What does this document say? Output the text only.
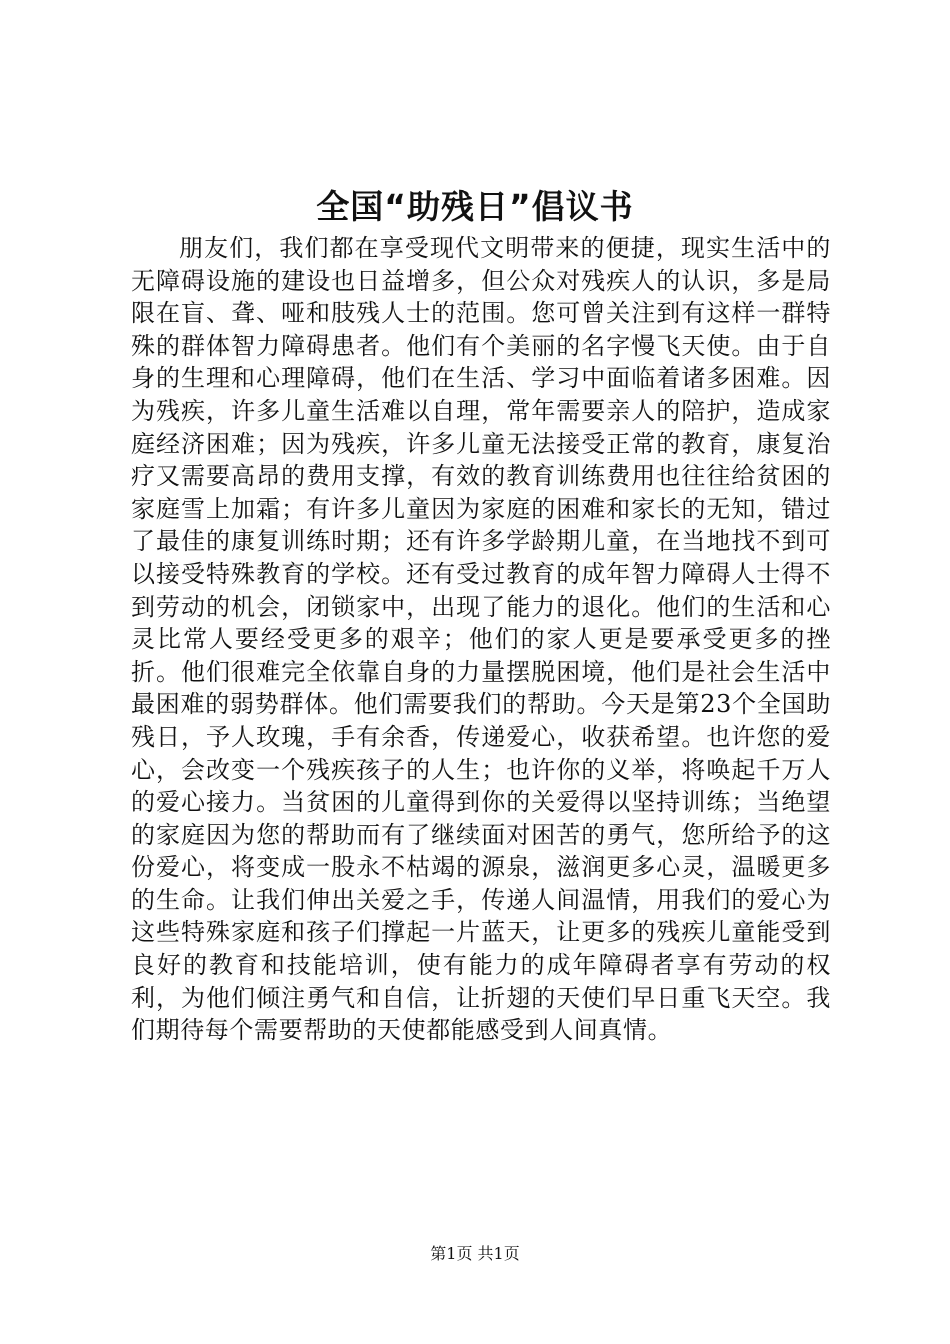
全国“助残日”倡议书

朋友们，我们都在享受现代文明带来的便捷，现实生活中的无障碍设施的建设也日益增多，但公众对残疾人的认识，多是局限在盲、聋、哑和肢残人士的范围。您可曾关注到有这样一群特殊的群体智力障碍患者。他们有个美丽的名字慢飞天使。由于自身的生理和心理障碍，他们在生活、学习中面临着诸多困难。因为残疾，许多儿童生活难以自理，常年需要亲人的陪护，造成家庭经济困难；因为残疾，许多儿童无法接受正常的教育，康复治疗又需要高昂的费用支撑，有效的教育训练费用也往往给贫困的家庭雪上加霜；有许多儿童因为家庭的困难和家长的无知，错过了最佳的康复训练时期；还有许多学龄期儿童，在当地找不到可以接受特殊教育的学校。还有受过教育的成年智力障碍人士得不到劳动的机会，闭锁家中，出现了能力的退化。他们的生活和心灵比常人要经受更多的艰辛；他们的家人更是要承受更多的挫折。他们很难完全依靠自身的力量摆脱困境，他们是社会生活中最困难的弱势群体。他们需要我们的帮助。今天是第23个全国助残日，予人玫瑰，手有余香，传递爱心，收获希望。也许您的爱心，会改变一个残疾孩子的人生；也许你的义举，将唤起千万人的爱心接力。当贫困的儿童得到你的关爱得以坚持训练；当绝望的家庭因为您的帮助而有了继续面对困苦的勇气，您所给予的这份爱心，将变成一股永不枯竭的源泉，滋润更多心灵，温暖更多的生命。让我们伸出关爱之手，传递人间温情，用我们的爱心为这些特殊家庭和孩子们撑起一片蓝天，让更多的残疾儿童能受到良好的教育和技能培训，使有能力的成年障碍者享有劳动的权利，为他们倾注勇气和自信，让折翅的天使们早日重飞天空。我们期待每个需要帮助的天使都能感受到人间真情。

第1页 共1页
